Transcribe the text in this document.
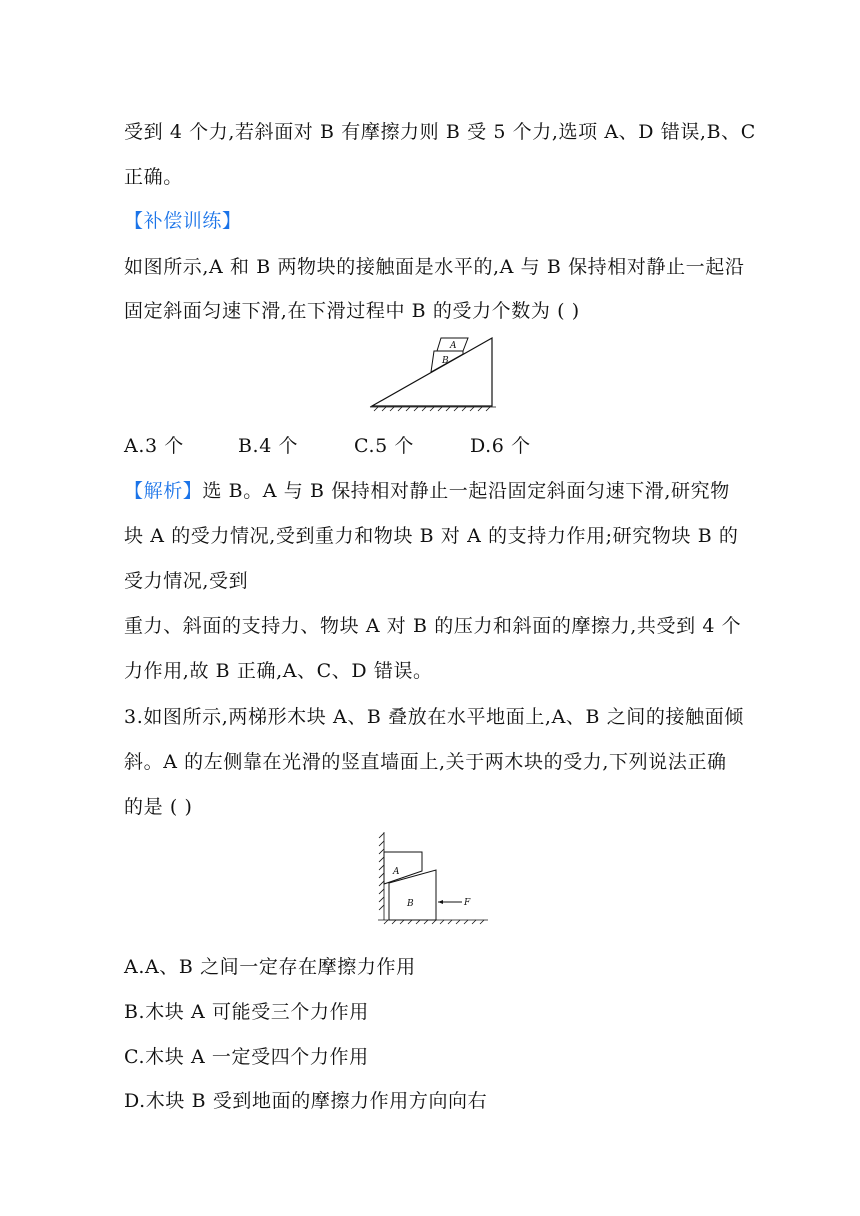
受到 4 个力,若斜面对 B 有摩擦力则 B 受 5 个力,选项 A、D 错误,B、C
正确。
【补偿训练】
如图所示,A 和 B 两物块的接触面是水平的,A 与 B 保持相对静止一起沿
固定斜面匀速下滑,在下滑过程中 B 的受力个数为 ( )
A
B
A.3 个	B.4 个	C.5 个	D.6 个
【解析】选 B。A 与 B 保持相对静止一起沿固定斜面匀速下滑,研究物
块 A 的受力情况,受到重力和物块 B 对 A 的支持力作用;研究物块 B 的
受力情况,受到
重力、斜面的支持力、物块 A 对 B 的压力和斜面的摩擦力,共受到 4 个
力作用,故 B 正确,A、C、D 错误。
3.如图所示,两梯形木块 A、B 叠放在水平地面上,A、B 之间的接触面倾
斜。A 的左侧靠在光滑的竖直墙面上,关于两木块的受力,下列说法正确
的是 ( )
A
B	F
A.A、B 之间一定存在摩擦力作用
B.木块 A 可能受三个力作用
C.木块 A 一定受四个力作用
D.木块 B 受到地面的摩擦力作用方向向右
